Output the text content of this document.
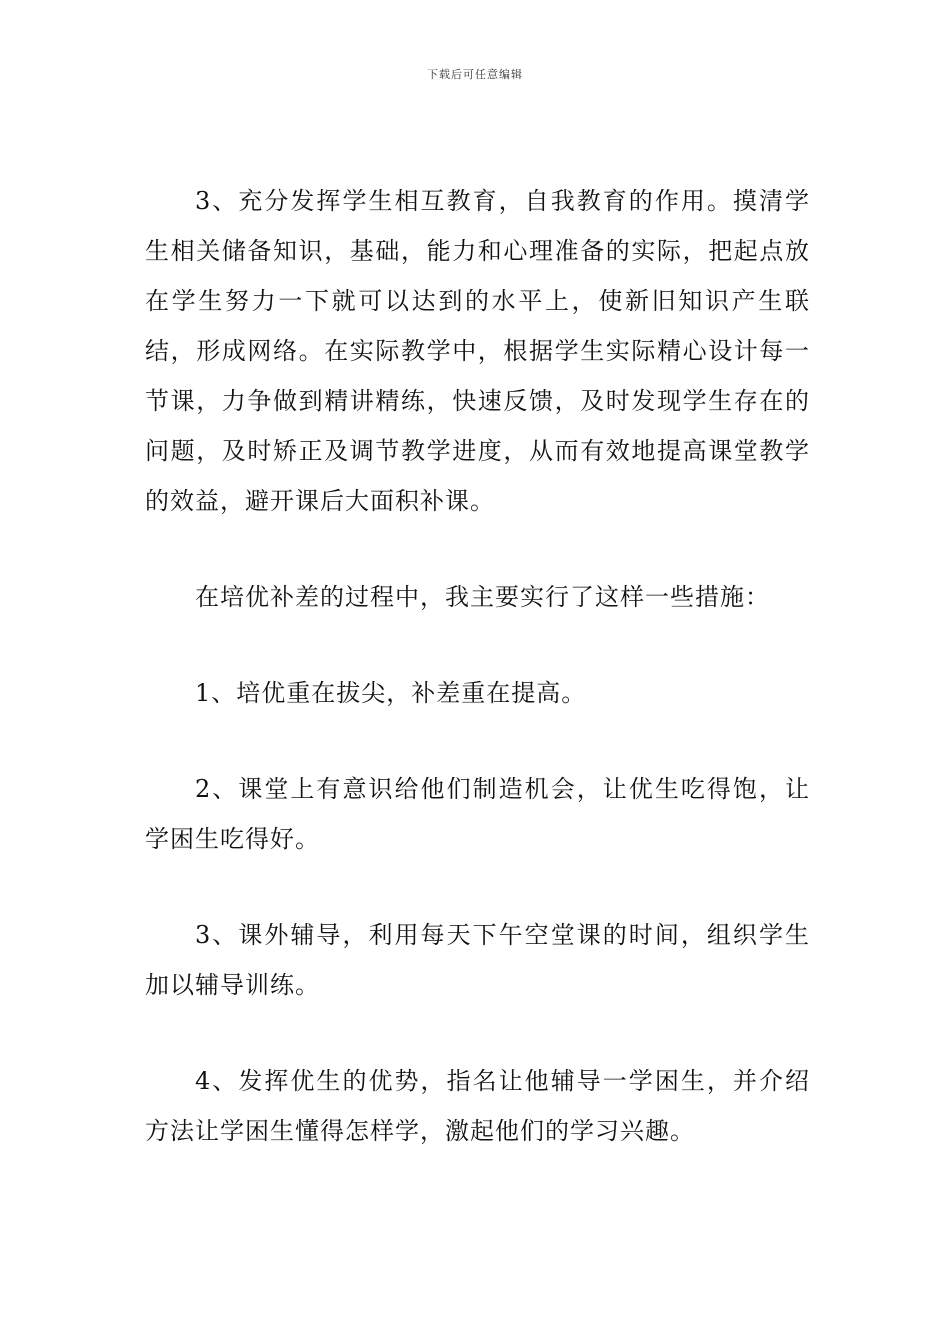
下载后可任意编辑

3、充分发挥学生相互教育，自我教育的作用。摸清学生相关储备知识，基础，能力和心理准备的实际，把起点放在学生努力一下就可以达到的水平上，使新旧知识产生联结，形成网络。在实际教学中，根据学生实际精心设计每一节课，力争做到精讲精练，快速反馈，及时发现学生存在的问题，及时矫正及调节教学进度，从而有效地提高课堂教学的效益，避开课后大面积补课。

在培优补差的过程中，我主要实行了这样一些措施：

1、培优重在拔尖，补差重在提高。

2、课堂上有意识给他们制造机会，让优生吃得饱，让学困生吃得好。

3、课外辅导，利用每天下午空堂课的时间，组织学生加以辅导训练。

4、发挥优生的优势，指名让他辅导一学困生，并介绍方法让学困生懂得怎样学，激起他们的学习兴趣。
